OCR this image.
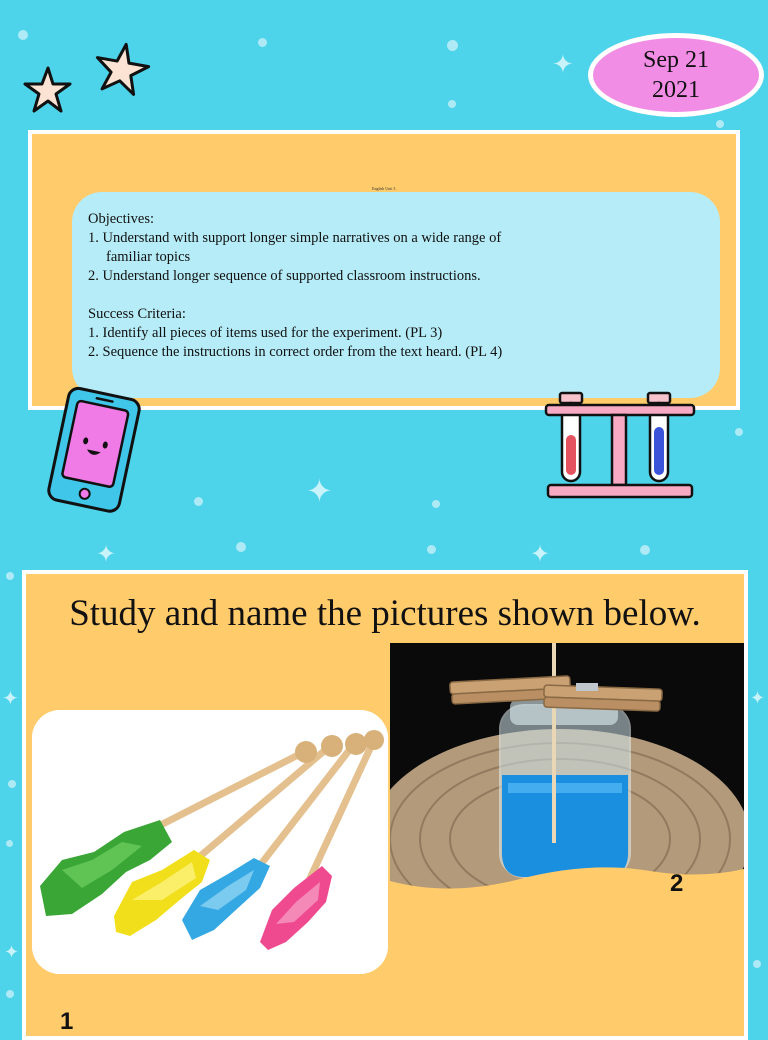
✦
✦
✦	✦
✦
✦
✦
Sep 21
2021
English Unit 3
Objectives:
1. Understand with support longer simple narratives on a wide range of
familiar topics
2. Understand longer sequence of supported classroom instructions.
Success Criteria:
1. Identify all pieces of items used for the experiment. (PL 3)
2. Sequence the instructions in correct order from the text heard. (PL 4)
Study and name the pictures shown below.
2
1
